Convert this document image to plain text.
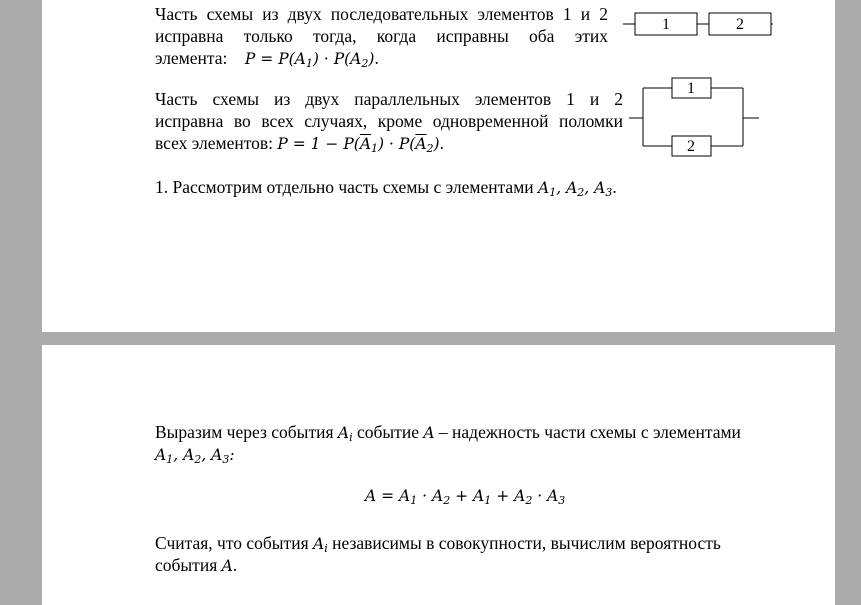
Часть схемы из двух последовательных элементов 1 и 2

исправна только тогда, когда исправны оба этих

элемента: $P = P(A_1) \cdot P(A_2)$.

1	2

Часть схемы из двух параллельных элементов 1 и 2

исправна во всех случаях, кроме одновременной поломки

всех элементов: $P = 1 - P(\overline{A}_1) \cdot P(\overline{A}_2)$.

1
2

1. Рассмотрим отдельно часть схемы с элементами $A_1$, $A_2$, $A_3$.

Выразим через события $A_i$ событие A – надежность части схемы с элементами

$A_1$, $A_2$, $A_3$:

$A = A_1 \cdot A_2 + A_1 + A_2 \cdot A_3$

Считая, что события $A_i$ независимы в совокупности, вычислим вероятность

события A.
